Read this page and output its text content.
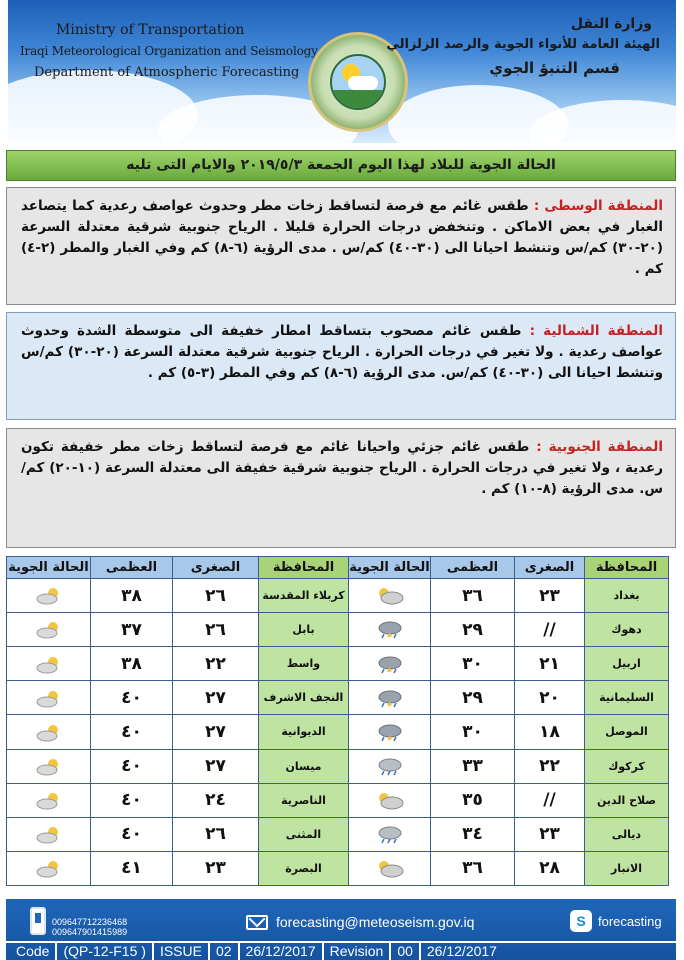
Ministry of Transportation
Iraqi Meteorological Organization and Seismology
Department of Atmospheric Forecasting
وزارة النقل
الهيئة العامة للأنواء الجوية والرصد الزلزالي
قسم التنبؤ الجوي
الحالة الجوية للبلاد لهذا اليوم الجمعة ٢٠١٩/٥/٣ والايام التى تليه
المنطقة الوسطى : طقس غائم مع فرصة لتساقط زخات مطر وحدوث عواصف رعدية كما يتصاعد الغبار في بعض الاماكن . وتنخفض درجات الحرارة قليلا . الرياح جنوبية شرقية معتدلة السرعة (٢٠-٣٠) كم/س وتنشط احيانا الى (٣٠-٤٠) كم/س . مدى الرؤية (٦-٨) كم وفي الغبار والمطر (٢-٤) كم .
المنطقة الشمالية : طقس غائم مصحوب بتساقط امطار خفيفة الى متوسطة الشدة وحدوث عواصف رعدية . ولا تغير في درجات الحرارة . الرياح جنوبية شرقية معتدلة السرعة (٢٠-٣٠) كم/س وتنشط احيانا الى (٣٠-٤٠) كم/س. مدى الرؤية (٦-٨) كم وفي المطر (٣-٥) كم .
المنطقة الجنوبية : طقس غائم جزئي واحيانا غائم مع فرصة لتساقط زخات مطر خفيفة تكون رعدية ، ولا تغير في درجات الحرارة . الرياح جنوبية شرقية خفيفة الى معتدلة السرعة (١٠-٢٠) كم/س. مدى الرؤية (٨-١٠) كم .
الحالة الجوية	العظمى	الصغرى	المحافظة	الحالة الجوية	العظمى	الصغرى	المحافظة
	٣٨	٢٦	كربلاء المقدسة		٣٦	٢٣	بغداد
	٣٧	٢٦	بابل		٢٩	//	دهوك
	٣٨	٢٢	واسط		٣٠	٢١	اربيل
	٤٠	٢٧	النجف الاشرف		٢٩	٢٠	السليمانية
	٤٠	٢٧	الديوانية		٣٠	١٨	الموصل
	٤٠	٢٧	ميسان		٣٣	٢٢	كركوك
	٤٠	٢٤	الناصرية		٣٥	//	صلاح الدين
	٤٠	٢٦	المثنى		٣٤	٢٣	ديالى
	٤١	٢٣	البصرة		٣٦	٢٨	الانبار
009647712236468
009647901415989
forecasting@meteoseism.gov.iq	S forecasting
Code	(QP-12-F15 )	ISSUE	02	26/12/2017	Revision	00	26/12/2017
